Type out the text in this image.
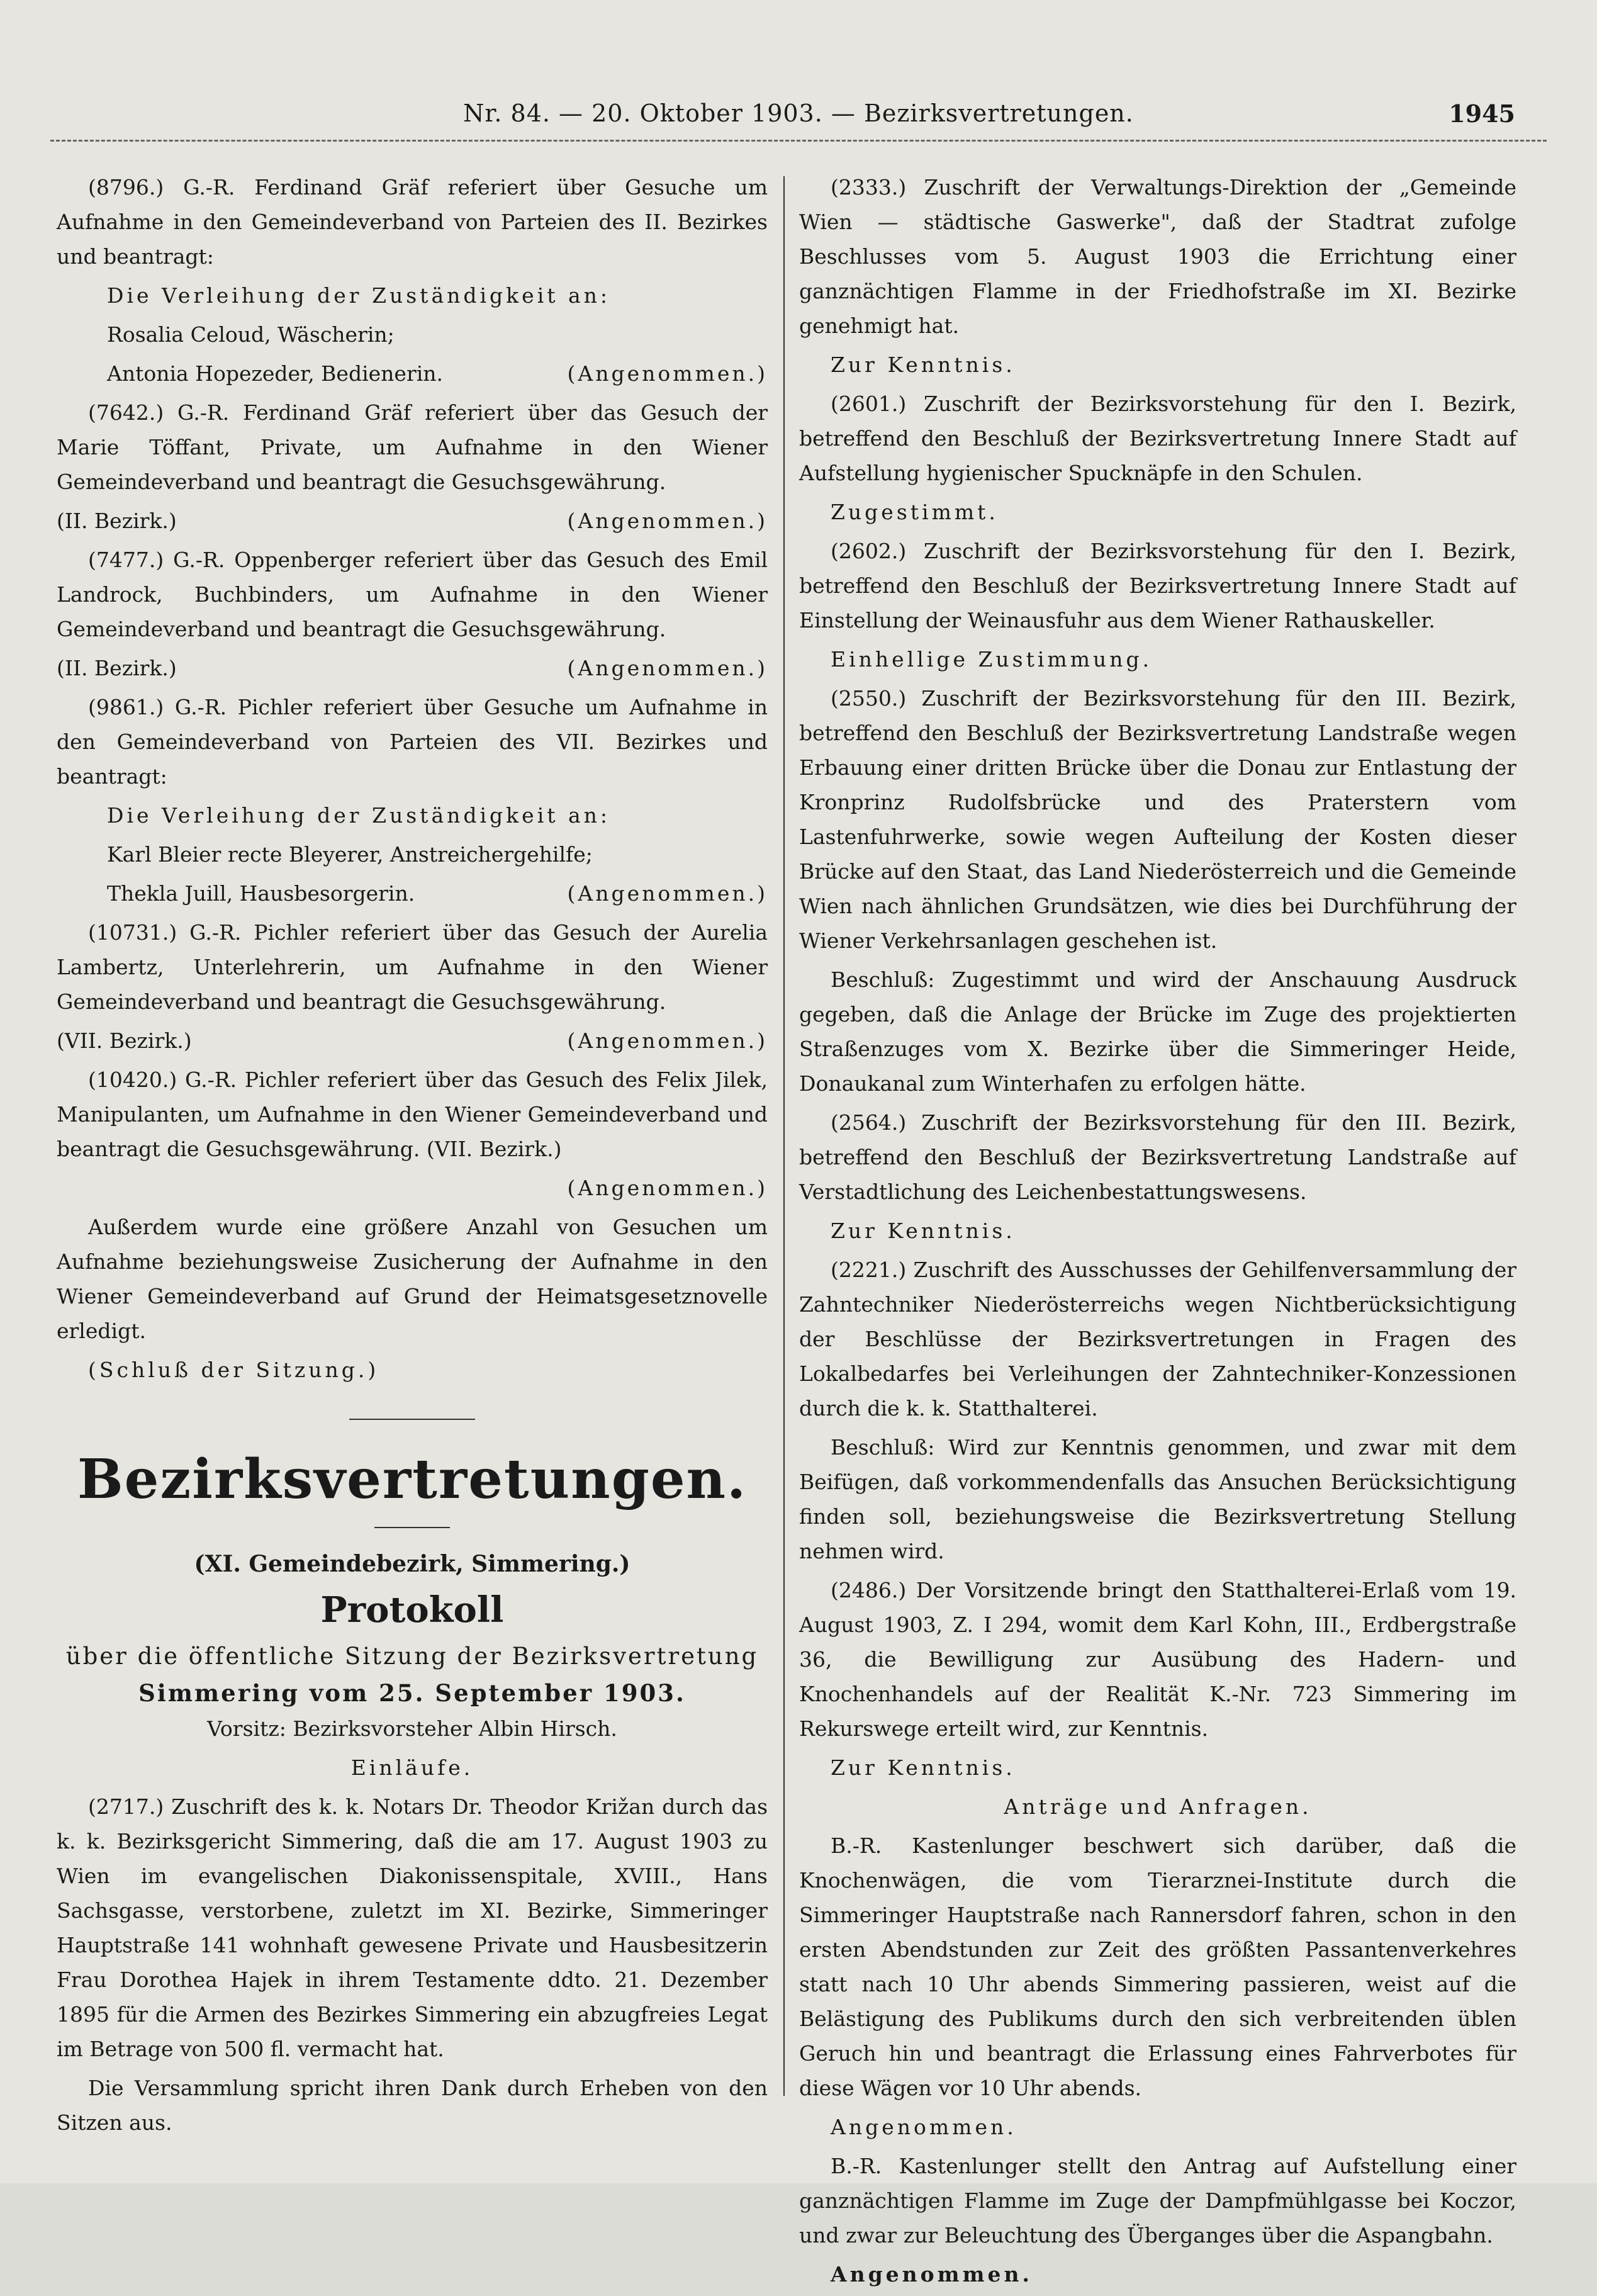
Nr. 84. — 20. Oktober 1903. — Bezirksvertretungen.	1945

(8796.) G.-R. Ferdinand Gräf referiert über Gesuche um Aufnahme in den Gemeindeverband von Parteien des II. Bezirkes und beantragt:

Die Verleihung der Zuständigkeit an:

Rosalia Celoud, Wäscherin;

Antonia Hopezeder, Bedienerin.	(Angenommen.)

(7642.) G.-R. Ferdinand Gräf referiert über das Gesuch der Marie Töffant, Private, um Aufnahme in den Wiener Gemeindeverband und beantragt die Gesuchsgewährung.

(II. Bezirk.)	(Angenommen.)

(7477.) G.-R. Oppenberger referiert über das Gesuch des Emil Landrock, Buchbinders, um Aufnahme in den Wiener Gemeindeverband und beantragt die Gesuchsgewährung.

(II. Bezirk.)	(Angenommen.)

(9861.) G.-R. Pichler referiert über Gesuche um Aufnahme in den Gemeindeverband von Parteien des VII. Bezirkes und beantragt:

Die Verleihung der Zuständigkeit an:

Karl Bleier recte Bleyerer, Anstreichergehilfe;

Thekla Juill, Hausbesorgerin.	(Angenommen.)

(10731.) G.-R. Pichler referiert über das Gesuch der Aurelia Lambertz, Unterlehrerin, um Aufnahme in den Wiener Gemeindeverband und beantragt die Gesuchsgewährung.

(VII. Bezirk.)	(Angenommen.)

(10420.) G.-R. Pichler referiert über das Gesuch des Felix Jilek, Manipulanten, um Aufnahme in den Wiener Gemeindeverband und beantragt die Gesuchsgewährung. (VII. Bezirk.)

(Angenommen.)

Außerdem wurde eine größere Anzahl von Gesuchen um Aufnahme beziehungsweise Zusicherung der Aufnahme in den Wiener Gemeindeverband auf Grund der Heimatsgesetznovelle erledigt.

(Schluß der Sitzung.)

Bezirksvertretungen.
(XI. Gemeindebezirk, Simmering.)
Protokoll

über die öffentliche Sitzung der Bezirksvertretung

Simmering vom 25. September 1903.

Vorsitz: Bezirksvorsteher Albin Hirsch.

Einläufe.

(2717.) Zuschrift des k. k. Notars Dr. Theodor Križan durch das k. k. Bezirksgericht Simmering, daß die am 17. August 1903 zu Wien im evangelischen Diakonissenspitale, XVIII., Hans Sachsgasse, verstorbene, zuletzt im XI. Bezirke, Simmeringer Hauptstraße 141 wohnhaft gewesene Private und Hausbesitzerin Frau Dorothea Hajek in ihrem Testamente ddto. 21. Dezember 1895 für die Armen des Bezirkes Simmering ein abzugfreies Legat im Betrage von 500 fl. vermacht hat.

Die Versammlung spricht ihren Dank durch Erheben von den Sitzen aus.

(2333.) Zuschrift der Verwaltungs-Direktion der „Gemeinde Wien — städtische Gaswerke", daß der Stadtrat zufolge Beschlusses vom 5. August 1903 die Errichtung einer ganznächtigen Flamme in der Friedhofstraße im XI. Bezirke genehmigt hat.

Zur Kenntnis.

(2601.) Zuschrift der Bezirksvorstehung für den I. Bezirk, betreffend den Beschluß der Bezirksvertretung Innere Stadt auf Aufstellung hygienischer Spucknäpfe in den Schulen.

Zugestimmt.

(2602.) Zuschrift der Bezirksvorstehung für den I. Bezirk, betreffend den Beschluß der Bezirksvertretung Innere Stadt auf Einstellung der Weinausfuhr aus dem Wiener Rathauskeller.

Einhellige Zustimmung.

(2550.) Zuschrift der Bezirksvorstehung für den III. Bezirk, betreffend den Beschluß der Bezirksvertretung Landstraße wegen Erbauung einer dritten Brücke über die Donau zur Entlastung der Kronprinz Rudolfsbrücke und des Praterstern vom Lastenfuhrwerke, sowie wegen Aufteilung der Kosten dieser Brücke auf den Staat, das Land Niederösterreich und die Gemeinde Wien nach ähnlichen Grundsätzen, wie dies bei Durchführung der Wiener Verkehrsanlagen geschehen ist.

Beschluß: Zugestimmt und wird der Anschauung Ausdruck gegeben, daß die Anlage der Brücke im Zuge des projektierten Straßenzuges vom X. Bezirke über die Simmeringer Heide, Donaukanal zum Winterhafen zu erfolgen hätte.

(2564.) Zuschrift der Bezirksvorstehung für den III. Bezirk, betreffend den Beschluß der Bezirksvertretung Landstraße auf Verstadtlichung des Leichenbestattungswesens.

Zur Kenntnis.

(2221.) Zuschrift des Ausschusses der Gehilfenversammlung der Zahntechniker Niederösterreichs wegen Nichtberücksichtigung der Beschlüsse der Bezirksvertretungen in Fragen des Lokalbedarfes bei Verleihungen der Zahntechniker-Konzessionen durch die k. k. Statthalterei.

Beschluß: Wird zur Kenntnis genommen, und zwar mit dem Beifügen, daß vorkommendenfalls das Ansuchen Berücksichtigung finden soll, beziehungsweise die Bezirksvertretung Stellung nehmen wird.

(2486.) Der Vorsitzende bringt den Statthalterei-Erlaß vom 19. August 1903, Z. I 294, womit dem Karl Kohn, III., Erdbergstraße 36, die Bewilligung zur Ausübung des Hadern- und Knochenhandels auf der Realität K.-Nr. 723 Simmering im Rekurswege erteilt wird, zur Kenntnis.

Zur Kenntnis.

Anträge und Anfragen.

B.-R. Kastenlunger beschwert sich darüber, daß die Knochenwägen, die vom Tierarznei-Institute durch die Simmeringer Hauptstraße nach Rannersdorf fahren, schon in den ersten Abendstunden zur Zeit des größten Passantenverkehres statt nach 10 Uhr abends Simmering passieren, weist auf die Belästigung des Publikums durch den sich verbreitenden üblen Geruch hin und beantragt die Erlassung eines Fahrverbotes für diese Wägen vor 10 Uhr abends.

Angenommen.

B.-R. Kastenlunger stellt den Antrag auf Aufstellung einer ganznächtigen Flamme im Zuge der Dampfmühlgasse bei Koczor, und zwar zur Beleuchtung des Überganges über die Aspangbahn.

Angenommen.
